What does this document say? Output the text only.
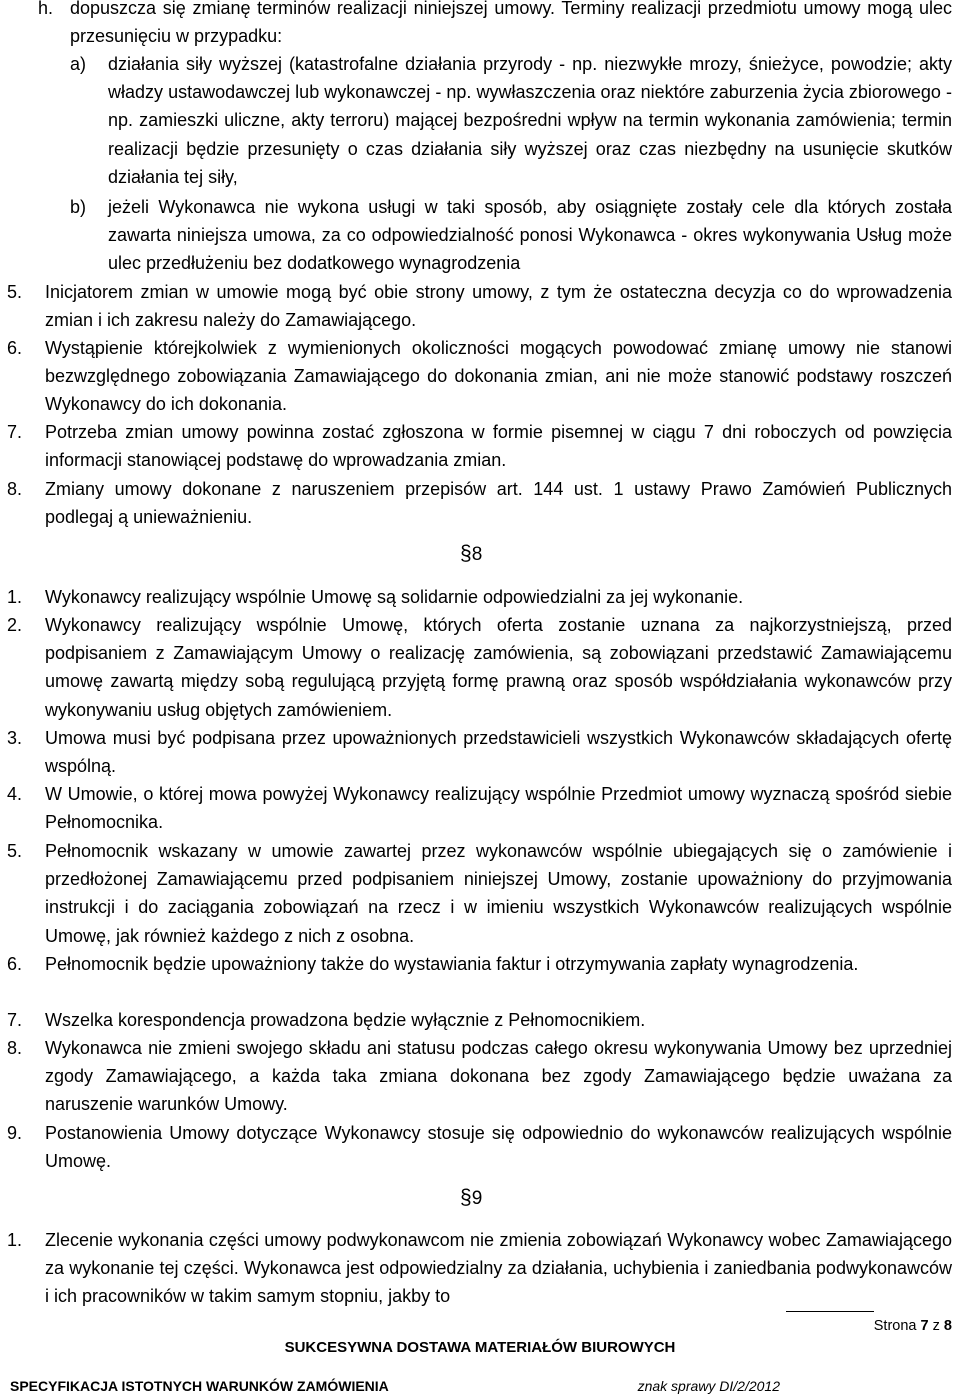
h. dopuszcza się zmianę terminów realizacji niniejszej umowy. Terminy realizacji przedmiotu umowy mogą ulec przesunięciu w przypadku:

a) działania siły wyższej (katastrofalne działania przyrody - np. niezwykłe mrozy, śnieżyce, powodzie; akty władzy ustawodawczej lub wykonawczej - np. wywłaszczenia oraz niektóre zaburzenia życia zbiorowego - np. zamieszki uliczne, akty terroru) mającej bezpośredni wpływ na termin wykonania zamówienia; termin realizacji będzie przesunięty o czas działania siły wyższej oraz czas niezbędny na usunięcie skutków działania tej siły,

b) jeżeli Wykonawca nie wykona usługi w taki sposób, aby osiągnięte zostały cele dla których została zawarta niniejsza umowa, za co odpowiedzialność ponosi Wykonawca - okres wykonywania Usług może ulec przedłużeniu bez dodatkowego wynagrodzenia

5. Inicjatorem zmian w umowie mogą być obie strony umowy, z tym że ostateczna decyzja co do wprowadzenia zmian i ich zakresu należy do Zamawiającego.

6. Wystąpienie którejkolwiek z wymienionych okoliczności mogących powodować zmianę umowy nie stanowi bezwzględnego zobowiązania Zamawiającego do dokonania zmian, ani nie może stanowić podstawy roszczeń Wykonawcy do ich dokonania.

7. Potrzeba zmian umowy powinna zostać zgłoszona w formie pisemnej w ciągu 7 dni roboczych od powzięcia informacji stanowiącej podstawę do wprowadzania zmian.

8. Zmiany umowy dokonane z naruszeniem przepisów art. 144 ust. 1 ustawy Prawo Zamówień Publicznych podlegaj ą unieważnieniu.

§8

1. Wykonawcy realizujący wspólnie Umowę są solidarnie odpowiedzialni za jej wykonanie.

2. Wykonawcy realizujący wspólnie Umowę, których oferta zostanie uznana za najkorzystniejszą, przed podpisaniem z Zamawiającym Umowy o realizację zamówienia, są zobowiązani przedstawić Zamawiającemu umowę zawartą między sobą regulującą przyjętą formę prawną oraz sposób współdziałania wykonawców przy wykonywaniu usług objętych zamówieniem.

3. Umowa musi być podpisana przez upoważnionych przedstawicieli wszystkich Wykonawców składających ofertę wspólną.

4. W Umowie, o której mowa powyżej Wykonawcy realizujący wspólnie Przedmiot umowy wyznaczą spośród siebie Pełnomocnika.

5. Pełnomocnik wskazany w umowie zawartej przez wykonawców wspólnie ubiegających się o zamówienie i przedłożonej Zamawiającemu przed podpisaniem niniejszej Umowy, zostanie upoważniony do przyjmowania instrukcji i do zaciągania zobowiązań na rzecz i w imieniu wszystkich Wykonawców realizujących wspólnie Umowę, jak również każdego z nich z osobna.

6. Pełnomocnik będzie upoważniony także do wystawiania faktur i otrzymywania zapłaty wynagrodzenia.

7. Wszelka korespondencja prowadzona będzie wyłącznie z Pełnomocnikiem.

8. Wykonawca nie zmieni swojego składu ani statusu podczas całego okresu wykonywania Umowy bez uprzedniej zgody Zamawiającego, a każda taka zmiana dokonana bez zgody Zamawiającego będzie uważana za naruszenie warunków Umowy.

9. Postanowienia Umowy dotyczące Wykonawcy stosuje się odpowiednio do wykonawców realizujących wspólnie Umowę.

§9

1. Zlecenie wykonania części umowy podwykonawcom nie zmienia zobowiązań Wykonawcy wobec Zamawiającego za wykonanie tej części. Wykonawca jest odpowiedzialny za działania, uchybienia i zaniedbania podwykonawców i ich pracowników w takim samym stopniu, jakby to

Strona 7 z 8
SUKCESYWNA DOSTAWA MATERIAŁÓW BIUROWYCH
SPECYFIKACJA ISTOTNYCH WARUNKÓW ZAMÓWIENIA	znak sprawy DI/2/2012
